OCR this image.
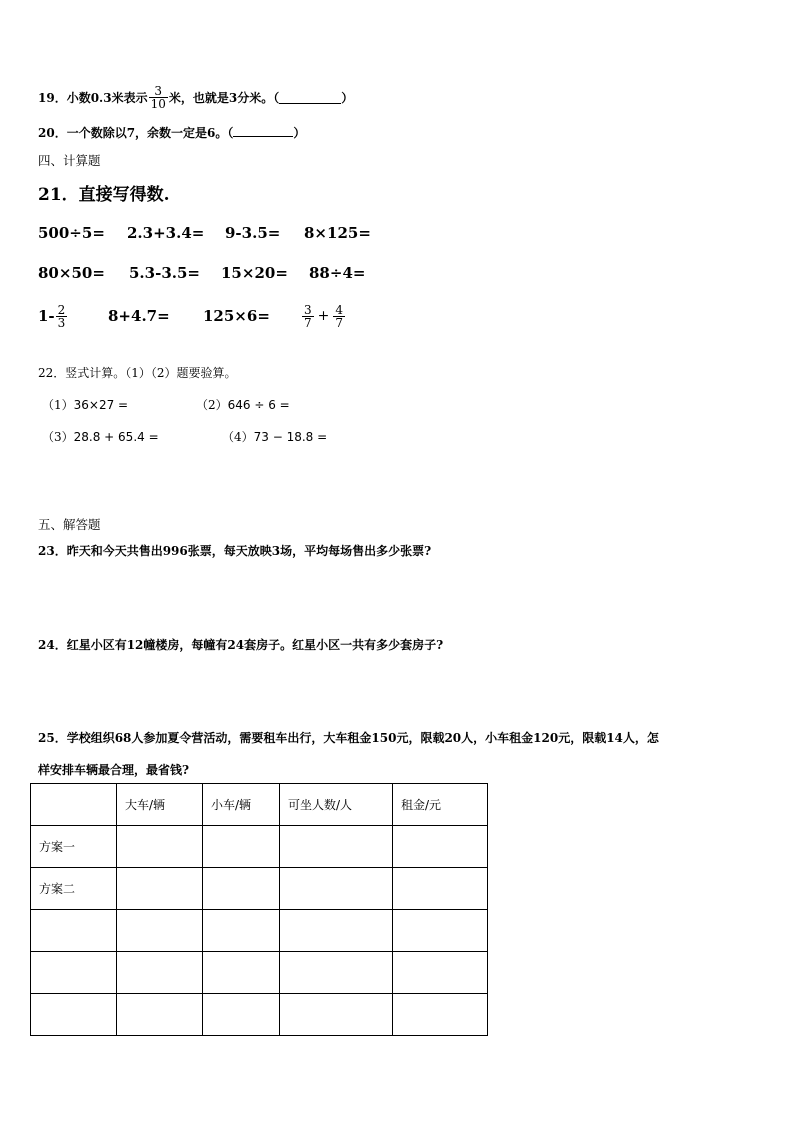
19． 小数0.3米表示 $\frac{3}{10}$ 米，也就是3分米。（	）
20．一个数除以7，余数一定是6。（	）
四、计算题
21．直接写得数.
500÷5= 2.3+3.4= 9-3.5= 8×125=
80×50= 5.3-3.5= 15×20= 88÷4=
$1- \frac{2}{3}$	8+4.7= 125×6=	$\frac{3}{7} + \frac{4}{7}$
22．竖式计算。（1）（2）题要验算。
（1）36×27 =	（2）646 ÷ 6 =
（3）28.8 + 65.4 =	（4）73 − 18.8 =
五、解答题
23．昨天和今天共售出996张票，每天放映3场，平均每场售出多少张票?
24．红星小区有12幢楼房，每幢有24套房子。红星小区一共有多少套房子?
25．学校组织68人参加夏令营活动，需要租车出行，大车租金150元，限载20人，小车租金120元，限载14人，怎
样安排车辆最合理，最省钱?
	大车/辆	小车/辆	可坐人数/人	租金/元
方案一				
方案二				
